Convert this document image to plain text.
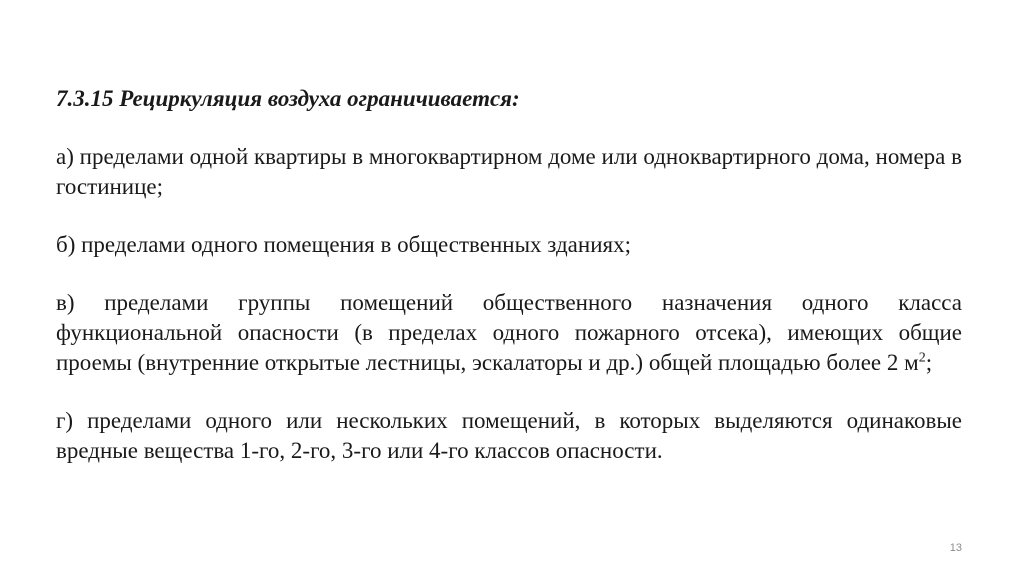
7.3.15 Рециркуляция воздуха ограничивается:

а) пределами одной квартиры в многоквартирном доме или одноквартирного дома, номера в гостинице;

б) пределами одного помещения в общественных зданиях;

в) пределами группы помещений общественного назначения одного класса функциональной опасности (в пределах одного пожарного отсека), имеющих общие проемы (внутренние открытые лестницы, эскалаторы и др.) общей площадью более 2 $м^2$;

г) пределами одного или нескольких помещений, в которых выделяются одинаковые вредные вещества 1-го, 2-го, 3-го или 4-го классов опасности.

13
